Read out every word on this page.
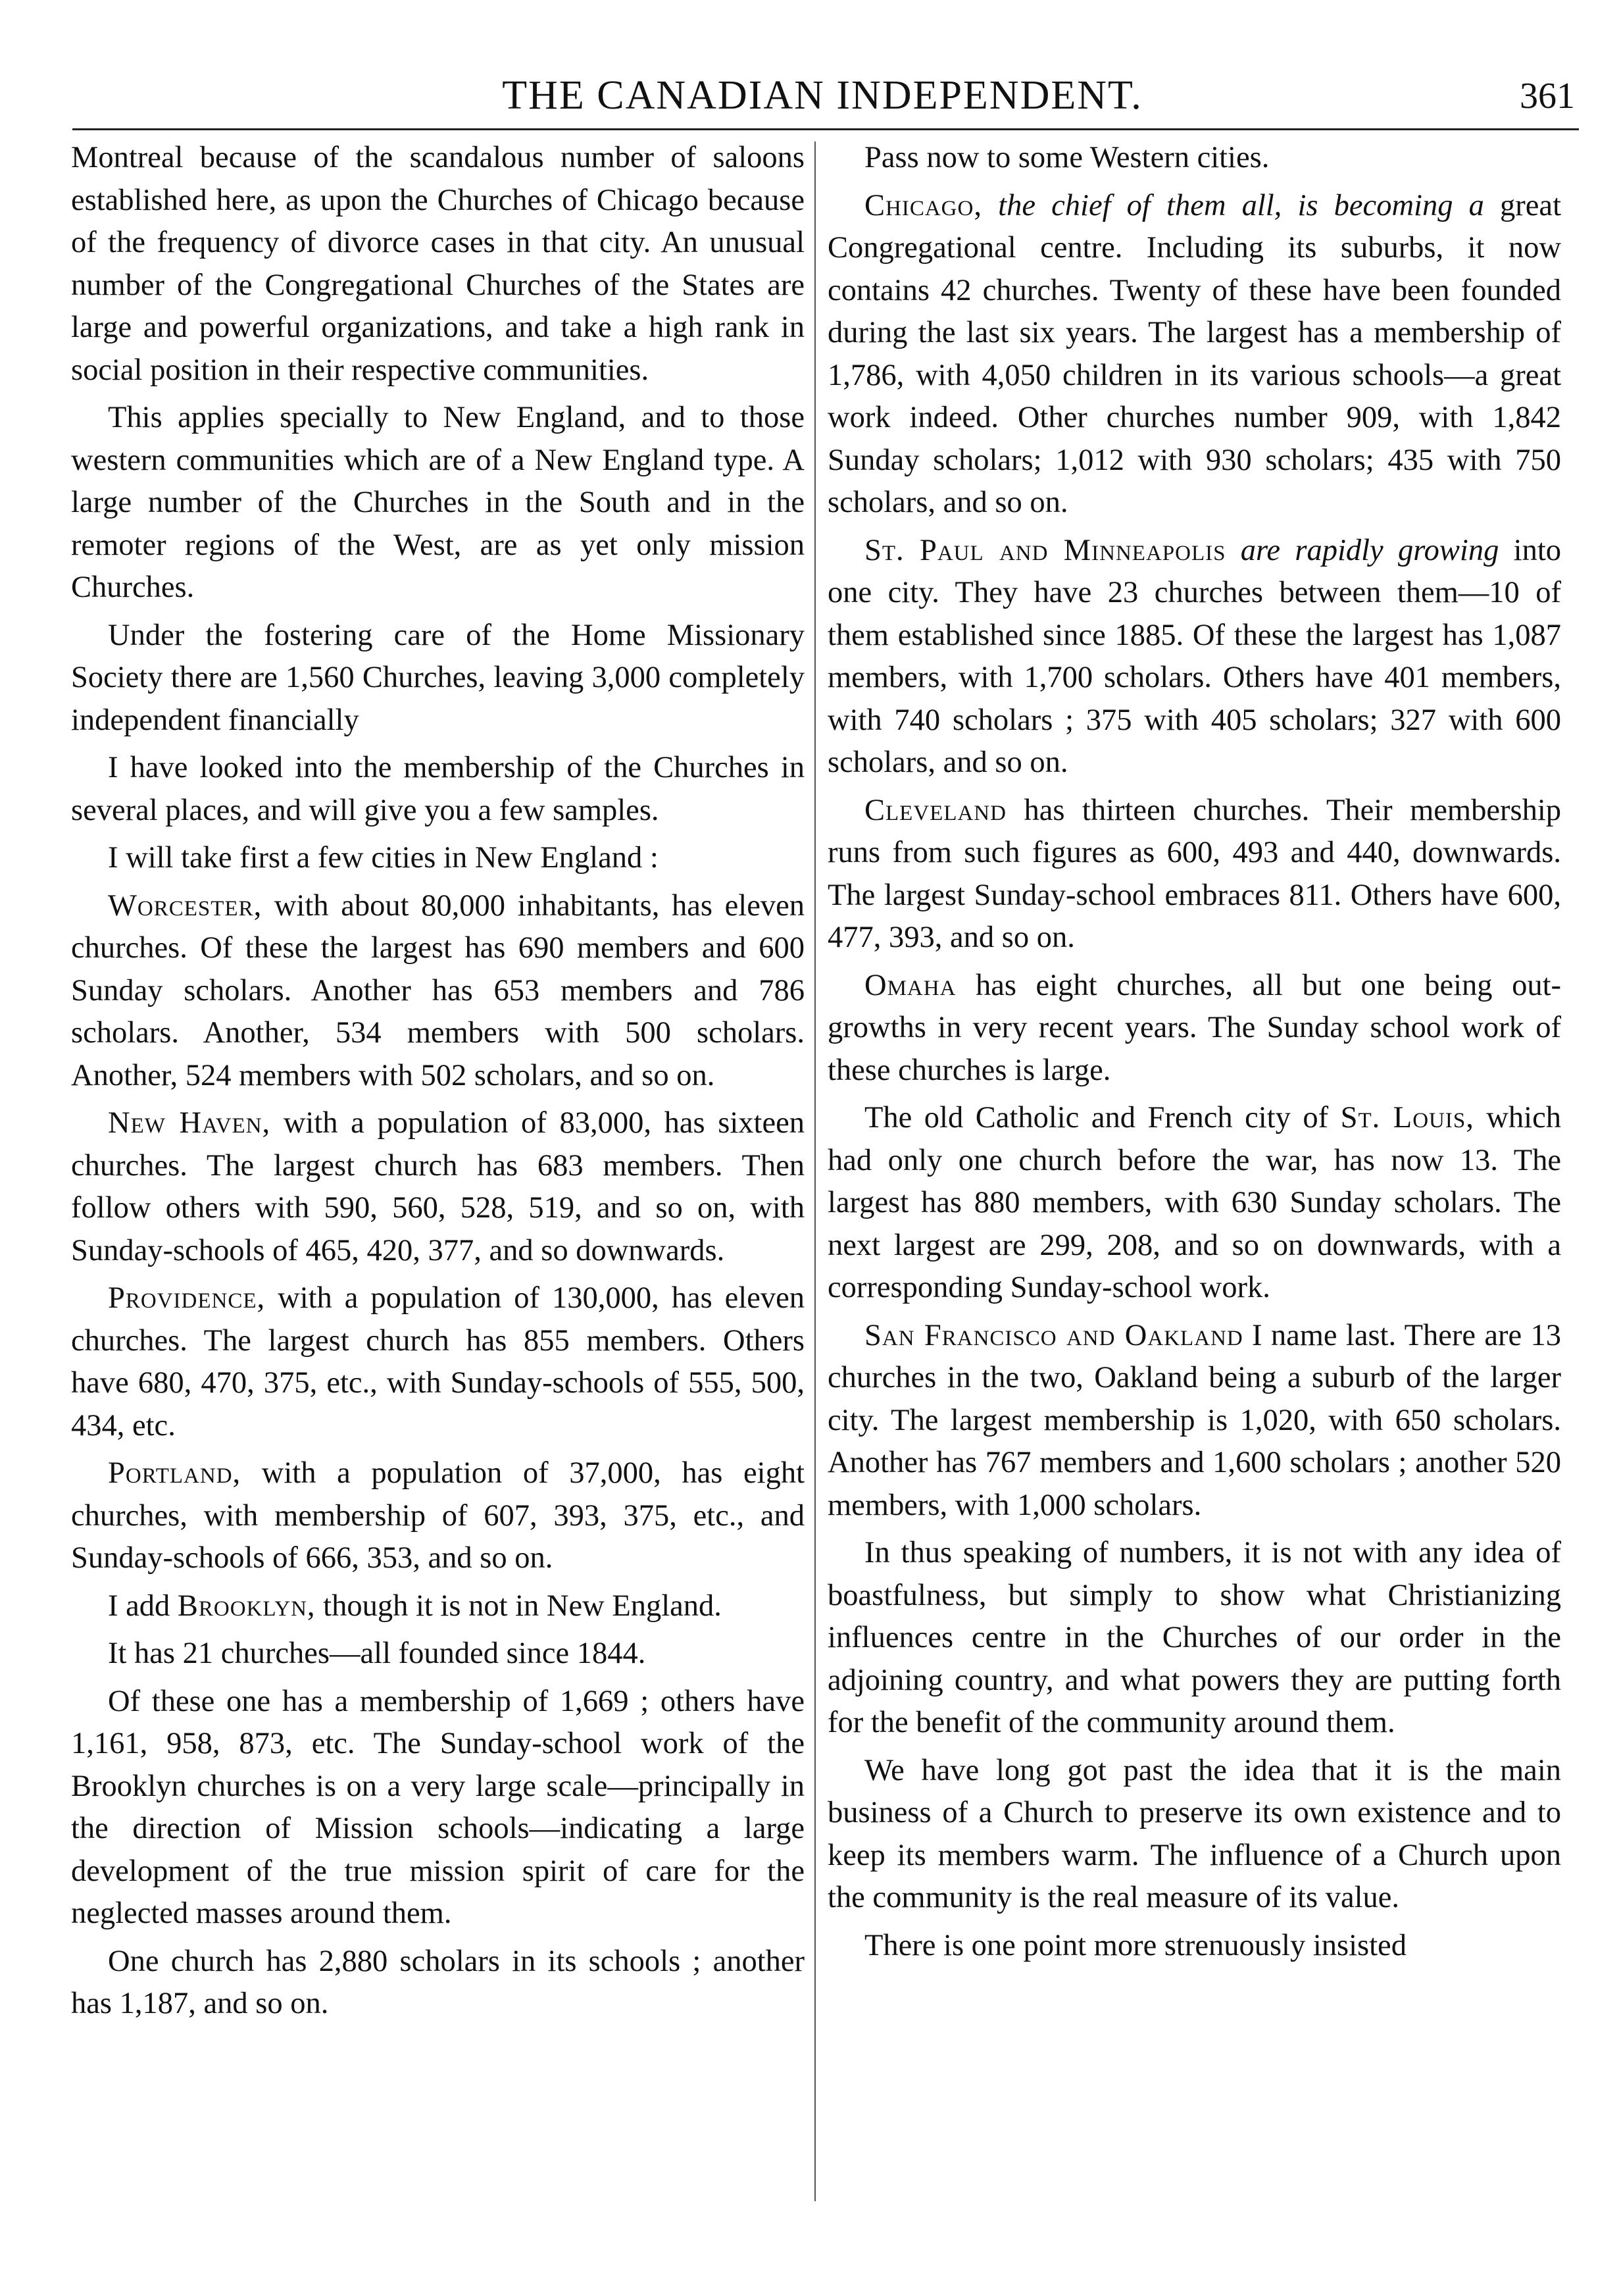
THE CANADIAN INDEPENDENT.	361

Montreal because of the scandalous number of saloons established here, as upon the Churches of Chicago because of the frequency of divorce cases in that city. An unusual number of the Congregational Churches of the States are large and powerful organizations, and take a high rank in social position in their respective communities.

This applies specially to New England, and to those western communities which are of a New England type. A large number of the Churches in the South and in the remoter regions of the West, are as yet only mission Churches.

Under the fostering care of the Home Missionary Society there are 1,560 Churches, leaving 3,000 completely independent financially

I have looked into the membership of the Churches in several places, and will give you a few samples.

I will take first a few cities in New England :

Worcester, with about 80,000 inhabitants, has eleven churches. Of these the largest has 690 members and 600 Sunday scholars. Another has 653 members and 786 scholars. Another, 534 members with 500 scholars. Another, 524 members with 502 scholars, and so on.

New Haven, with a population of 83,000, has sixteen churches. The largest church has 683 members. Then follow others with 590, 560, 528, 519, and so on, with Sunday-schools of 465, 420, 377, and so downwards.

Providence, with a population of 130,000, has eleven churches. The largest church has 855 members. Others have 680, 470, 375, etc., with Sunday-schools of 555, 500, 434, etc.

Portland, with a population of 37,000, has eight churches, with membership of 607, 393, 375, etc., and Sunday-schools of 666, 353, and so on.

I add Brooklyn, though it is not in New England.

It has 21 churches—all founded since 1844.

Of these one has a membership of 1,669 ; others have 1,161, 958, 873, etc. The Sunday-school work of the Brooklyn churches is on a very large scale—principally in the direction of Mission schools—indicating a large development of the true mission spirit of care for the neglected masses around them.

One church has 2,880 scholars in its schools ; another has 1,187, and so on.

Pass now to some Western cities.

Chicago, the chief of them all, is becoming a great Congregational centre. Including its suburbs, it now contains 42 churches. Twenty of these have been founded during the last six years. The largest has a membership of 1,786, with 4,050 children in its various schools—a great work indeed. Other churches number 909, with 1,842 Sunday scholars; 1,012 with 930 scholars; 435 with 750 scholars, and so on.

St. Paul and Minneapolis are rapidly growing into one city. They have 23 churches between them—10 of them established since 1885. Of these the largest has 1,087 members, with 1,700 scholars. Others have 401 members, with 740 scholars ; 375 with 405 scholars; 327 with 600 scholars, and so on.

Cleveland has thirteen churches. Their membership runs from such figures as 600, 493 and 440, downwards. The largest Sunday-school embraces 811. Others have 600, 477, 393, and so on.

Omaha has eight churches, all but one being out-growths in very recent years. The Sunday school work of these churches is large.

The old Catholic and French city of St. Louis, which had only one church before the war, has now 13. The largest has 880 members, with 630 Sunday scholars. The next largest are 299, 208, and so on downwards, with a corresponding Sunday-school work.

San Francisco and Oakland I name last. There are 13 churches in the two, Oakland being a suburb of the larger city. The largest membership is 1,020, with 650 scholars. Another has 767 members and 1,600 scholars ; another 520 members, with 1,000 scholars.

In thus speaking of numbers, it is not with any idea of boastfulness, but simply to show what Christianizing influences centre in the Churches of our order in the adjoining country, and what powers they are putting forth for the benefit of the community around them.

We have long got past the idea that it is the main business of a Church to preserve its own existence and to keep its members warm. The influence of a Church upon the community is the real measure of its value.

There is one point more strenuously insisted
